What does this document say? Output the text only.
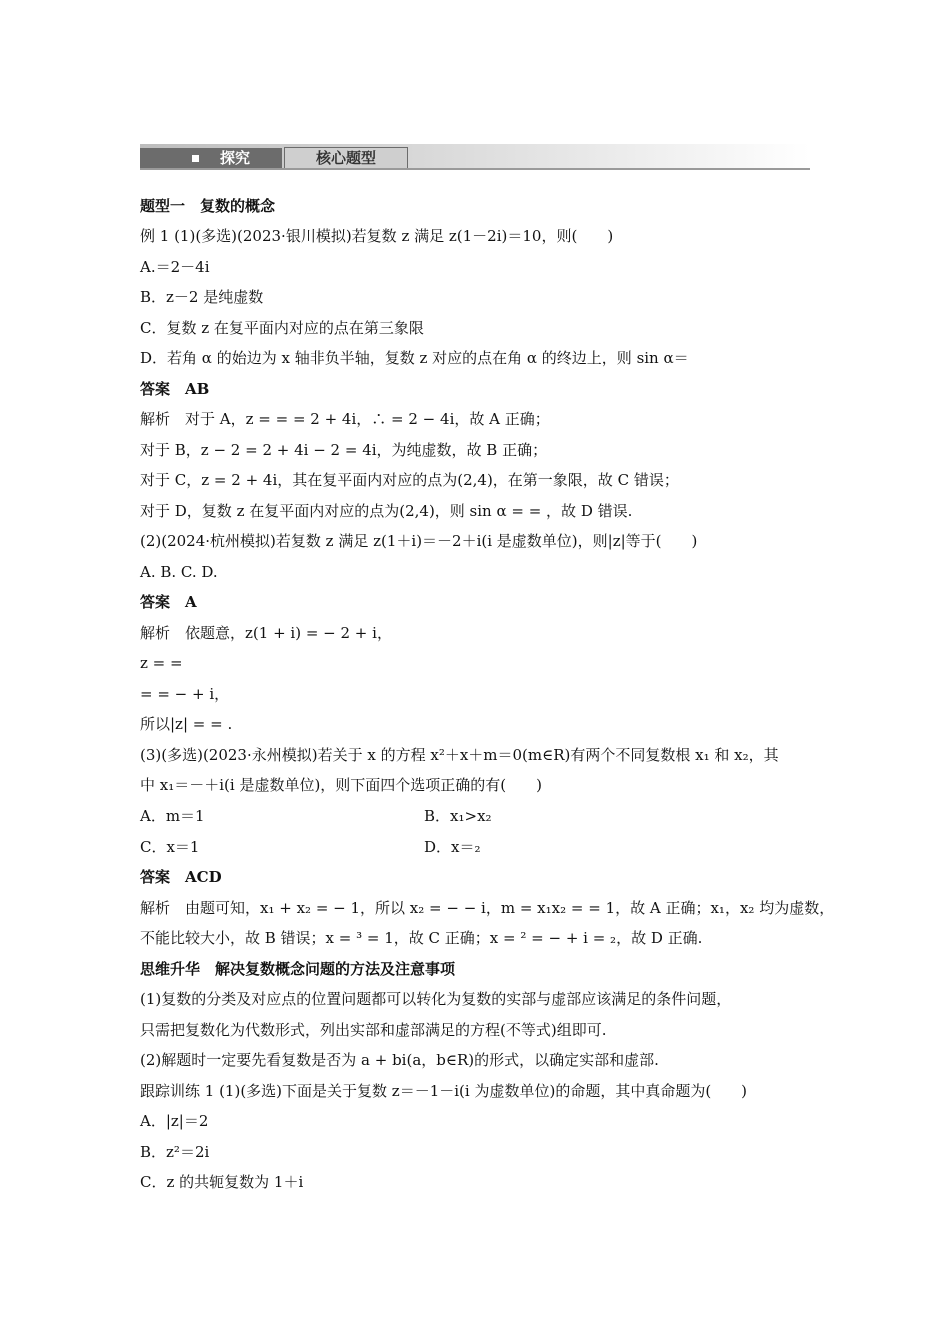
探究	核心题型
题型一　复数的概念
例 1 (1)(多选)(2023·银川模拟)若复数 z 满足 z(1－2i)＝10，则(　　)
A.＝2－4i
B．z－2 是纯虚数
C．复数 z 在复平面内对应的点在第三象限
D．若角 α 的始边为 x 轴非负半轴，复数 z 对应的点在角 α 的终边上，则 sin α＝
答案　AB
解析　对于 A，z = = = 2 + 4i，∴ = 2 − 4i，故 A 正确；
对于 B，z − 2 = 2 + 4i − 2 = 4i，为纯虚数，故 B 正确；
对于 C，z = 2 + 4i，其在复平面内对应的点为(2,4)，在第一象限，故 C 错误；
对于 D，复数 z 在复平面内对应的点为(2,4)，则 sin α = = ，故 D 错误.
(2)(2024·杭州模拟)若复数 z 满足 z(1＋i)＝－2＋i(i 是虚数单位)，则|z|等于(　　)
A. B. C. D.
答案　A
解析　依题意，z(1 + i) = − 2 + i，
z = =
= = − + i，
所以|z| = = .
(3)(多选)(2023·永州模拟)若关于 x 的方程 x²＋x＋m＝0(m∈R)有两个不同复数根 x₁ 和 x₂，其
中 x₁＝－＋i(i 是虚数单位)，则下面四个选项正确的有(　　)
A．m＝1	B．x₁>x₂
C．x＝1	D．x＝₂
答案　ACD
解析　由题可知，x₁ + x₂ = − 1，所以 x₂ = − − i，m = x₁x₂ = = 1，故 A 正确；x₁，x₂ 均为虚数，
不能比较大小，故 B 错误；x = ³ = 1，故 C 正确；x = ² = − + i = ₂，故 D 正确.
思维升华　解决复数概念问题的方法及注意事项
(1)复数的分类及对应点的位置问题都可以转化为复数的实部与虚部应该满足的条件问题，
只需把复数化为代数形式，列出实部和虚部满足的方程(不等式)组即可.
(2)解题时一定要先看复数是否为 a + bi(a，b∈R)的形式，以确定实部和虚部.
跟踪训练 1 (1)(多选)下面是关于复数 z＝－1－i(i 为虚数单位)的命题，其中真命题为(　　)
A．|z|＝2
B．z²＝2i
C．z 的共轭复数为 1＋i
